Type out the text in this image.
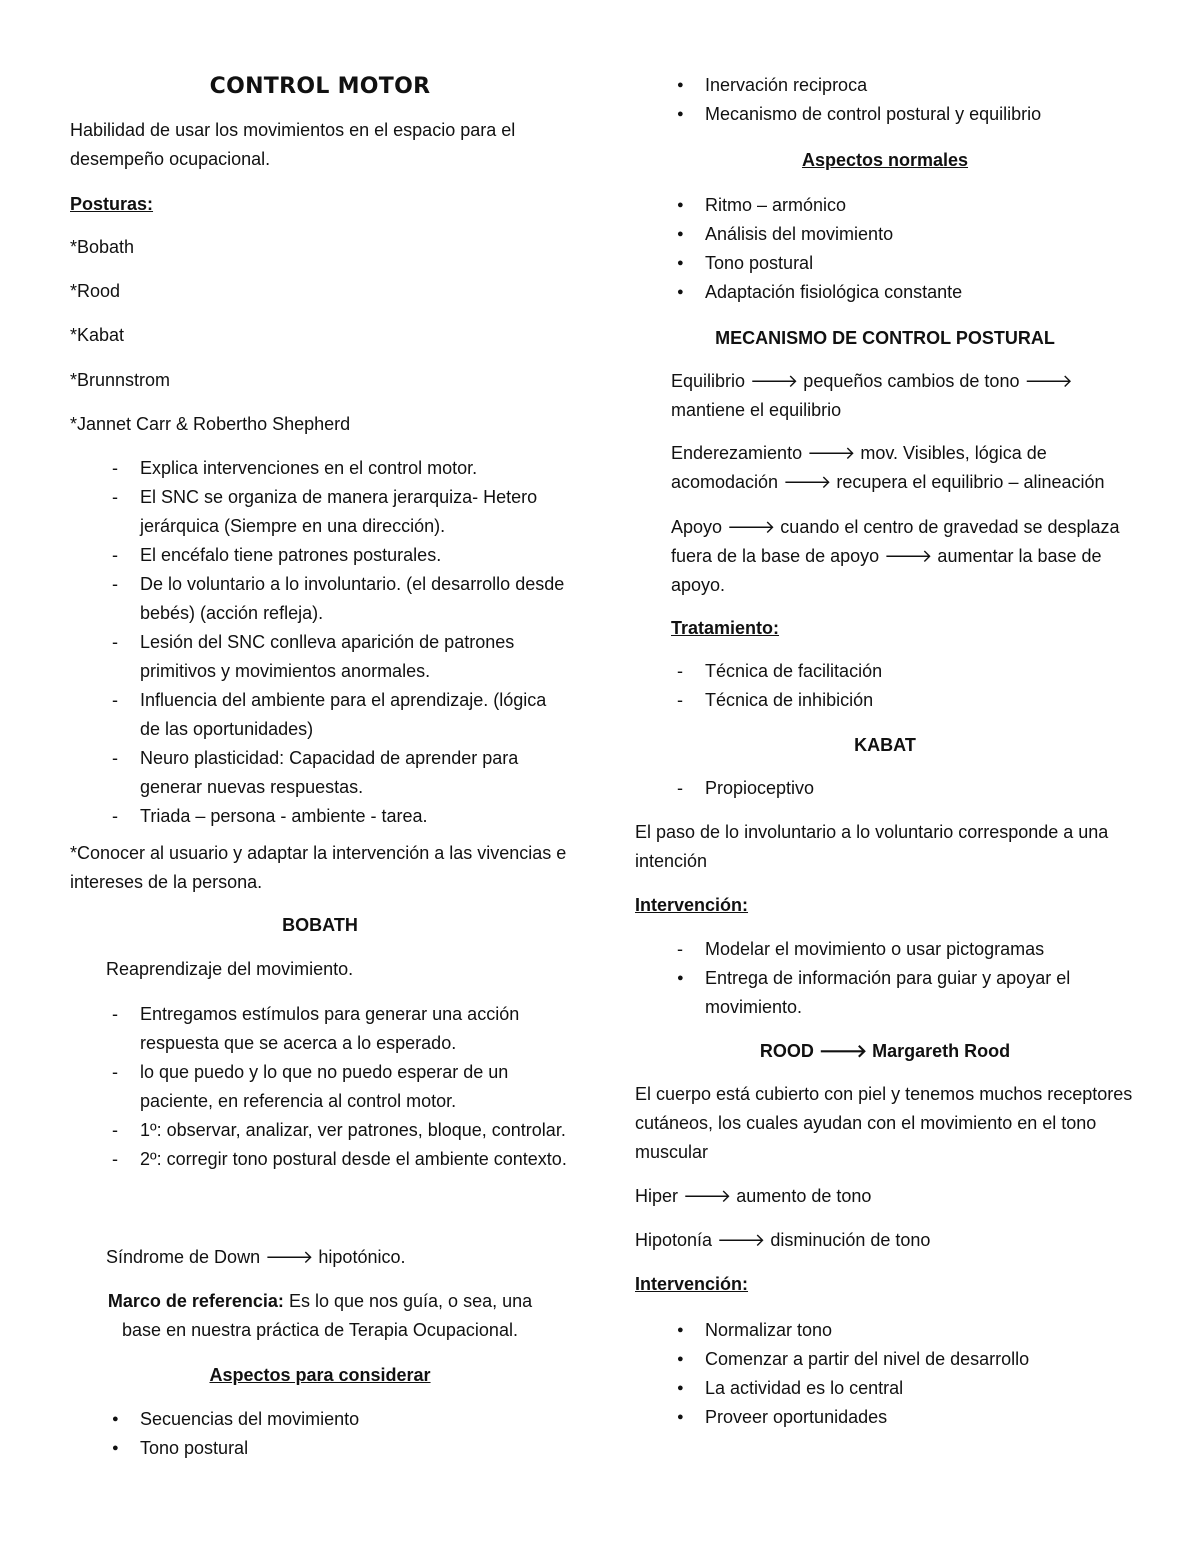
CONTROL MOTOR
Habilidad de usar los movimientos en el espacio para el desempeño ocupacional.
Posturas:
*Bobath
*Rood
*Kabat
*Brunnstrom
*Jannet Carr & Robertho Shepherd
- Explica intervenciones en el control motor.
- El SNC se organiza de manera jerarquiza- Hetero jerárquica (Siempre en una dirección).
- El encéfalo tiene patrones posturales.
- De lo voluntario a lo involuntario. (el desarrollo desde bebés) (acción refleja).
- Lesión del SNC conlleva aparición de patrones primitivos y movimientos anormales.
- Influencia del ambiente para el aprendizaje. (lógica de las oportunidades)
- Neuro plasticidad: Capacidad de aprender para generar nuevas respuestas.
- Triada – persona - ambiente - tarea.
*Conocer al usuario y adaptar la intervención a las vivencias e intereses de la persona.
BOBATH
Reaprendizaje del movimiento.
- Entregamos estímulos para generar una acción respuesta que se acerca a lo esperado.
- lo que puedo y lo que no puedo esperar de un paciente, en referencia al control motor.
- 1º: observar, analizar, ver patrones, bloque, controlar.
- 2º: corregir tono postural desde el ambiente contexto.
Síndrome de Down 🡒 hipotónico.
Marco de referencia: Es lo que nos guía, o sea, una base en nuestra práctica de Terapia Ocupacional.
Aspectos para considerar
● Secuencias del movimiento
● Tono postural
● Inervación reciproca
● Mecanismo de control postural y equilibrio
Aspectos normales
● Ritmo – armónico
● Análisis del movimiento
● Tono postural
● Adaptación fisiológica constante
MECANISMO DE CONTROL POSTURAL
Equilibrio 🡒 pequeños cambios de tono 🡒 mantiene el equilibrio
Enderezamiento 🡒 mov. Visibles, lógica de acomodación 🡒 recupera el equilibrio – alineación
Apoyo 🡒 cuando el centro de gravedad se desplaza fuera de la base de apoyo 🡒 aumentar la base de apoyo.
Tratamiento:
- Técnica de facilitación
- Técnica de inhibición
KABAT
- Propioceptivo
El paso de lo involuntario a lo voluntario corresponde a una intención
Intervención:
- Modelar el movimiento o usar pictogramas
● Entrega de información para guiar y apoyar el movimiento.
ROOD 🡒 Margareth Rood
El cuerpo está cubierto con piel y tenemos muchos receptores cutáneos, los cuales ayudan con el movimiento en el tono muscular
Hiper 🡒 aumento de tono
Hipotonía 🡒 disminución de tono
Intervención:
● Normalizar tono
● Comenzar a partir del nivel de desarrollo
● La actividad es lo central
● Proveer oportunidades
